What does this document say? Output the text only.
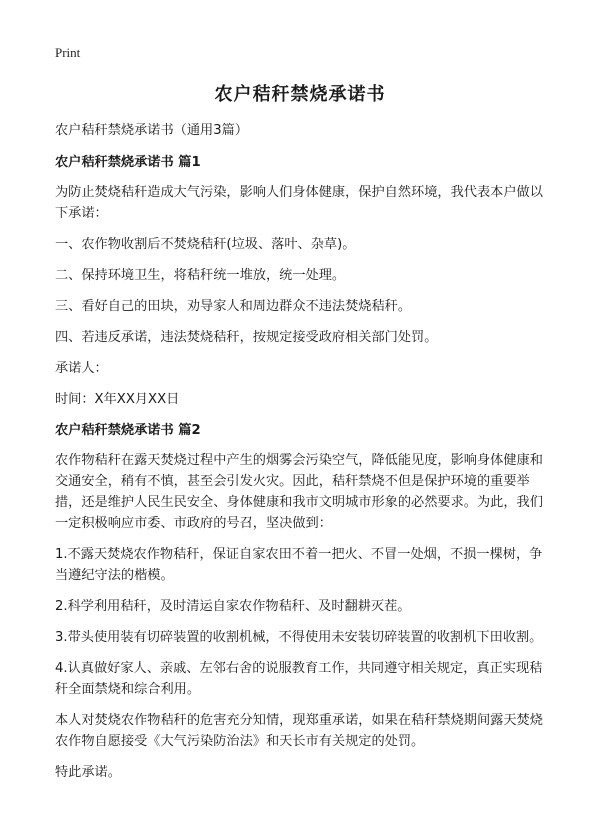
Print
农户秸秆禁烧承诺书

农户秸秆禁烧承诺书（通用3篇）

农户秸秆禁烧承诺书 篇1

为防止焚烧秸秆造成大气污染，影响人们身体健康，保护自然环境，我代表本户做以下承诺：

一、农作物收割后不焚烧秸秆(垃圾、落叶、杂草)。

二、保持环境卫生，将秸秆统一堆放，统一处理。

三、看好自己的田块，劝导家人和周边群众不违法焚烧秸秆。

四、若违反承诺，违法焚烧秸秆，按规定接受政府相关部门处罚。

承诺人：

时间：X年XX月XX日

农户秸秆禁烧承诺书 篇2

农作物秸秆在露天焚烧过程中产生的烟雾会污染空气，降低能见度，影响身体健康和交通安全，稍有不慎，甚至会引发火灾。因此，秸秆禁烧不但是保护环境的重要举措，还是维护人民生民安全、身体健康和我市文明城市形象的必然要求。为此，我们一定积极响应市委、市政府的号召，坚决做到：

1.不露天焚烧农作物秸秆，保证自家农田不着一把火、不冒一处烟，不损一棵树，争当遵纪守法的楷模。

2.科学利用秸秆，及时清运自家农作物秸秆、及时翻耕灭茬。

3.带头使用装有切碎装置的收割机械，不得使用未安装切碎装置的收割机下田收割。

4.认真做好家人、亲戚、左邻右舍的说服教育工作，共同遵守相关规定，真正实现秸秆全面禁烧和综合利用。

本人对焚烧农作物秸秆的危害充分知情，现郑重承诺，如果在秸秆禁烧期间露天焚烧农作物自愿接受《大气污染防治法》和天长市有关规定的处罚。

特此承诺。
